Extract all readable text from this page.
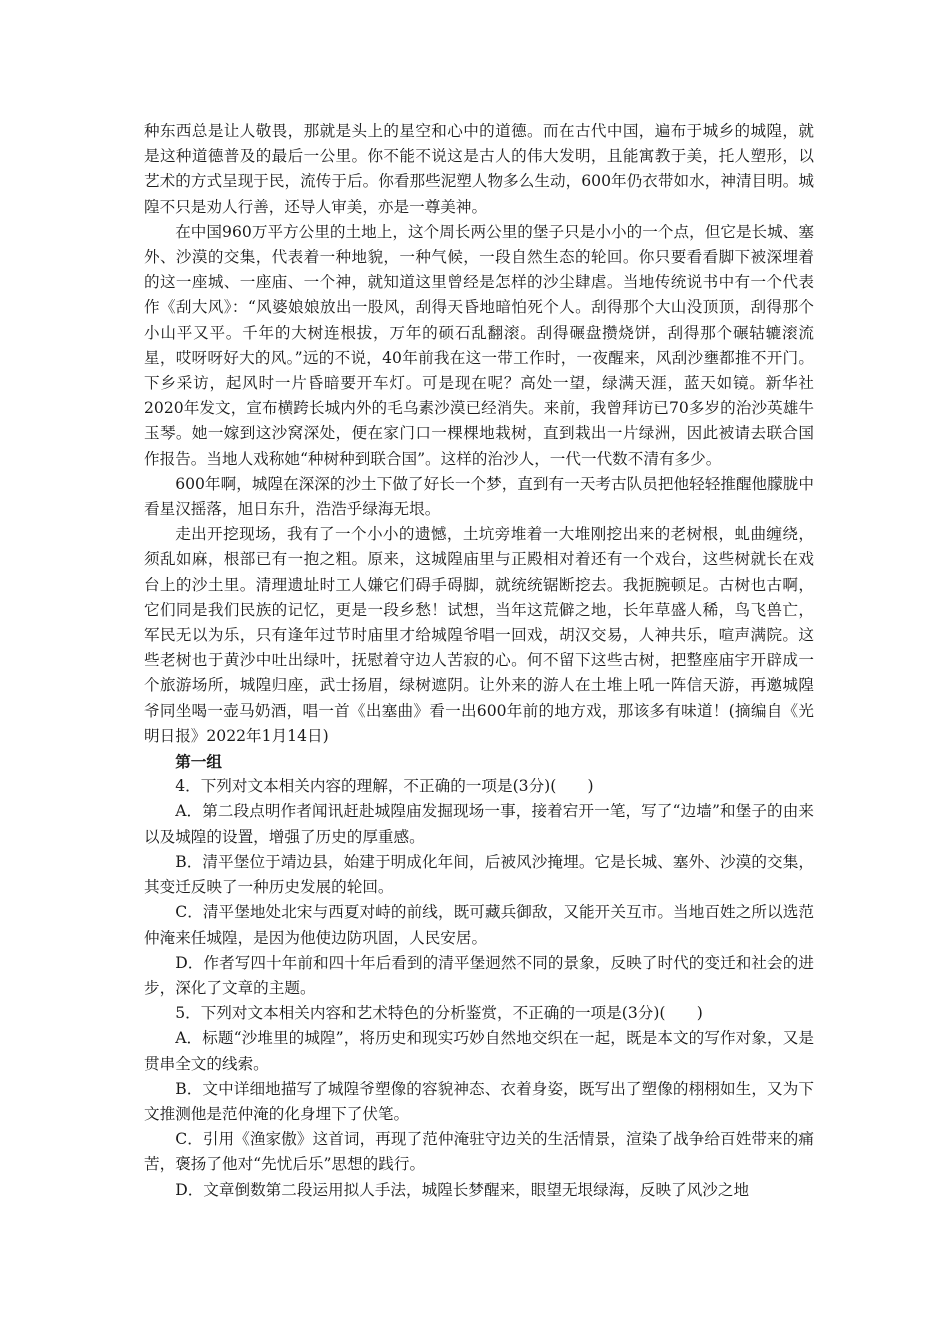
种东西总是让人敬畏，那就是头上的星空和心中的道德。而在古代中国，遍布于城乡的城隍，就是这种道德普及的最后一公里。你不能不说这是古人的伟大发明，且能寓教于美，托人塑形，以艺术的方式呈现于民，流传于后。你看那些泥塑人物多么生动，600年仍衣带如水，神清目明。城隍不只是劝人行善，还导人审美，亦是一尊美神。

在中国960万平方公里的土地上，这个周长两公里的堡子只是小小的一个点，但它是长城、塞外、沙漠的交集，代表着一种地貌，一种气候，一段自然生态的轮回。你只要看看脚下被深埋着的这一座城、一座庙、一个神，就知道这里曾经是怎样的沙尘肆虐。当地传统说书中有一个代表作《刮大风》：“风婆娘娘放出一股风，刮得天昏地暗怕死个人。刮得那个大山没顶顶，刮得那个小山平又平。千年的大树连根拔，万年的硕石乱翻滚。刮得碾盘攒烧饼，刮得那个碾轱辘滚流星，哎呀呀好大的风。”远的不说，40年前我在这一带工作时，一夜醒来，风刮沙壅都推不开门。下乡采访，起风时一片昏暗要开车灯。可是现在呢？高处一望，绿满天涯，蓝天如镜。新华社2020年发文，宣布横跨长城内外的毛乌素沙漠已经消失。来前，我曾拜访已70多岁的治沙英雄牛玉琴。她一嫁到这沙窝深处，便在家门口一棵棵地栽树，直到栽出一片绿洲，因此被请去联合国作报告。当地人戏称她“种树种到联合国”。这样的治沙人，一代一代数不清有多少。

600年啊，城隍在深深的沙土下做了好长一个梦，直到有一天考古队员把他轻轻推醒他朦胧中看星汉摇落，旭日东升，浩浩乎绿海无垠。

走出开挖现场，我有了一个小小的遗憾，土坑旁堆着一大堆刚挖出来的老树根，虬曲缠绕，须乱如麻，根部已有一抱之粗。原来，这城隍庙里与正殿相对着还有一个戏台，这些树就长在戏台上的沙土里。清理遗址时工人嫌它们碍手碍脚，就统统锯断挖去。我扼腕顿足。古树也古啊，它们同是我们民族的记忆，更是一段乡愁！试想，当年这荒僻之地，长年草盛人稀，鸟飞兽亡，军民无以为乐，只有逢年过节时庙里才给城隍爷唱一回戏，胡汉交易，人神共乐，喧声满院。这些老树也于黄沙中吐出绿叶，抚慰着守边人苦寂的心。何不留下这些古树，把整座庙宇开辟成一个旅游场所，城隍归座，武士扬眉，绿树遮阴。让外来的游人在土堆上吼一阵信天游，再邀城隍爷同坐喝一壶马奶酒，唱一首《出塞曲》看一出600年前的地方戏，那该多有味道！(摘编自《光明日报》2022年1月14日)

第一组

4．下列对文本相关内容的理解，不正确的一项是(3分)(　　)

A．第二段点明作者闻讯赶赴城隍庙发掘现场一事，接着宕开一笔，写了“边墙”和堡子的由来以及城隍的设置，增强了历史的厚重感。

B．清平堡位于靖边县，始建于明成化年间，后被风沙掩埋。它是长城、塞外、沙漠的交集，其变迁反映了一种历史发展的轮回。

C．清平堡地处北宋与西夏对峙的前线，既可藏兵御敌，又能开关互市。当地百姓之所以选范仲淹来任城隍，是因为他使边防巩固，人民安居。

D．作者写四十年前和四十年后看到的清平堡迥然不同的景象，反映了时代的变迁和社会的进步，深化了文章的主题。

5．下列对文本相关内容和艺术特色的分析鉴赏，不正确的一项是(3分)(　　)

A．标题“沙堆里的城隍”，将历史和现实巧妙自然地交织在一起，既是本文的写作对象，又是贯串全文的线索。

B．文中详细地描写了城隍爷塑像的容貌神态、衣着身姿，既写出了塑像的栩栩如生，又为下文推测他是范仲淹的化身埋下了伏笔。

C．引用《渔家傲》这首词，再现了范仲淹驻守边关的生活情景，渲染了战争给百姓带来的痛苦，褒扬了他对“先忧后乐”思想的践行。

D．文章倒数第二段运用拟人手法，城隍长梦醒来，眼望无垠绿海，反映了风沙之地
